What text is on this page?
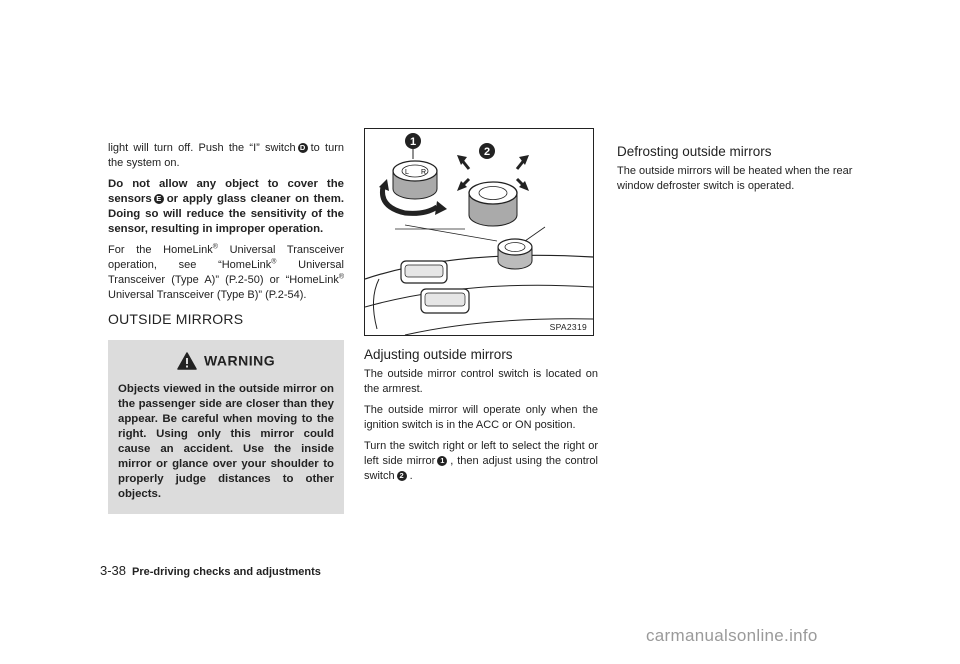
light will turn off. Push the “I” switch D to turn the system on.

Do not allow any object to cover the sensors E or apply glass cleaner on them. Doing so will reduce the sensitivity of the sensor, resulting in improper operation.

For the HomeLink® Universal Transceiver operation, see “HomeLink® Universal Transceiver (Type A)” (P.2-50) or “HomeLink® Universal Transceiver (Type B)” (P.2-54).

OUTSIDE MIRRORS
WARNING
Objects viewed in the outside mirror on the passenger side are closer than they appear. Be careful when moving to the right. Using only this mirror could cause an accident. Use the inside mirror or glance over your shoulder to properly judge distances to other objects.
L R
1
2
SPA2319
Adjusting outside mirrors

The outside mirror control switch is located on the armrest.

The outside mirror will operate only when the ignition switch is in the ACC or ON position.

Turn the switch right or left to select the right or left side mirror 1 , then adjust using the control switch 2 .

Defrosting outside mirrors

The outside mirrors will be heated when the rear window defroster switch is operated.

3-38 Pre-driving checks and adjustments
carmanualsonline.info
